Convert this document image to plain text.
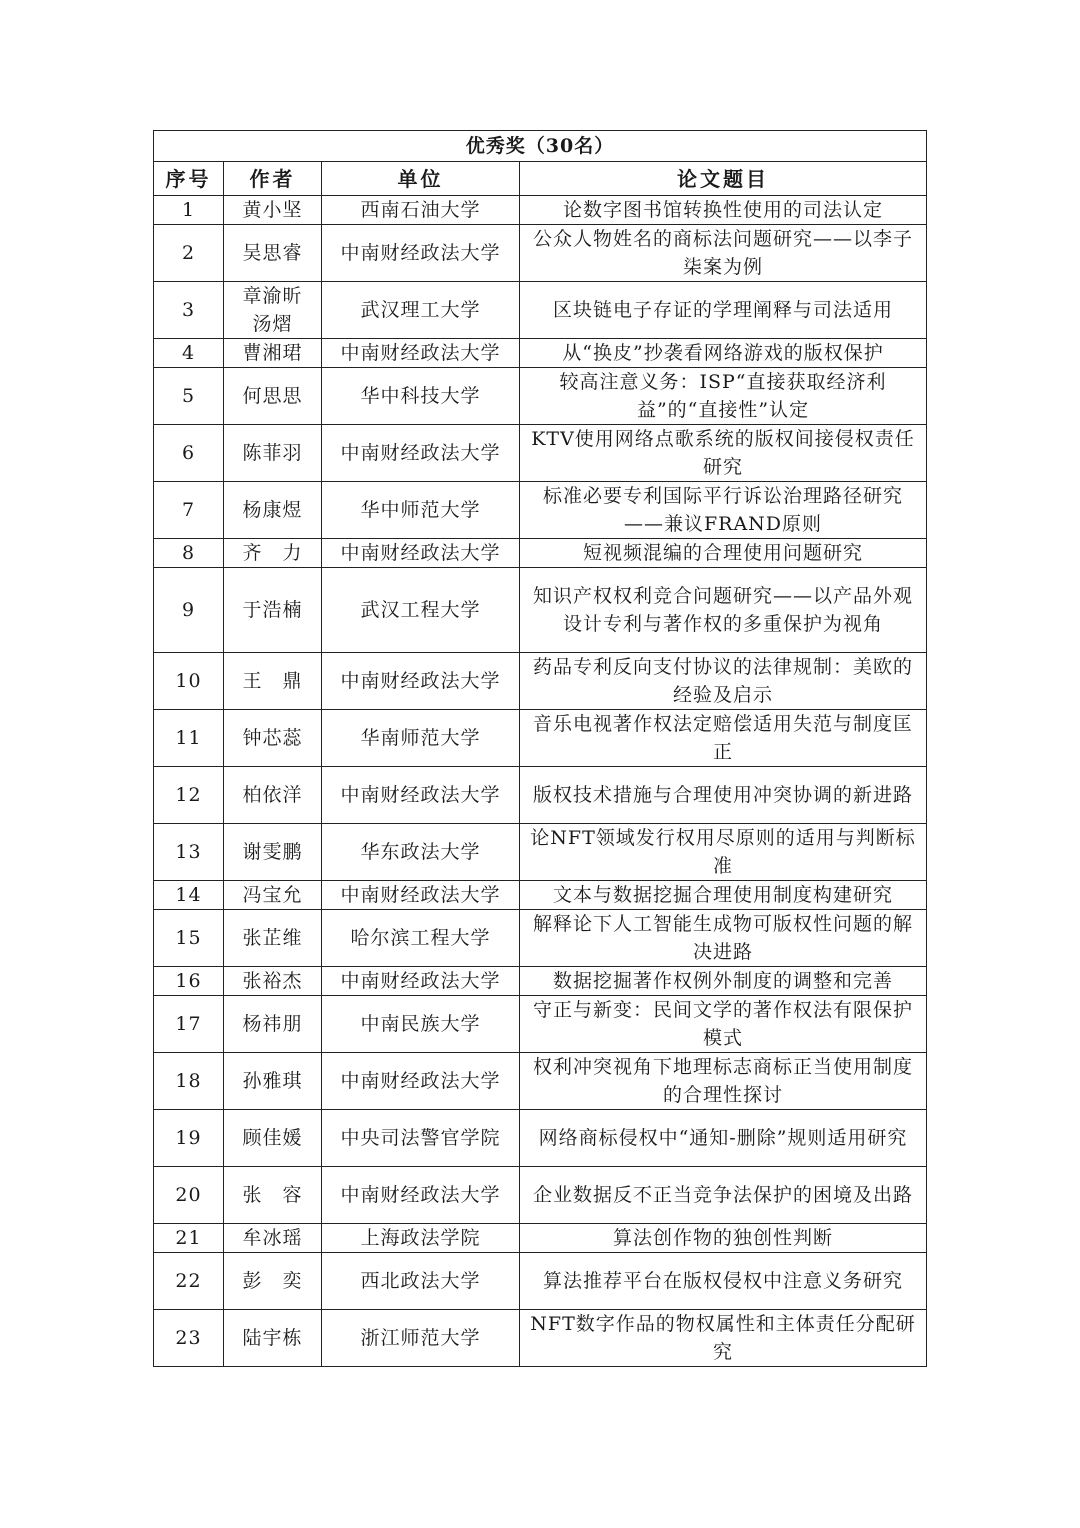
优秀奖（30名）			
序号	作者	单位	论文题目
1	黄小坚	西南石油大学	论数字图书馆转换性使用的司法认定
2	吴思睿	中南财经政法大学	公众人物姓名的商标法问题研究——以李子柒案为例
3	章渝昕 汤熠	武汉理工大学	区块链电子存证的学理阐释与司法适用
4	曹湘珺	中南财经政法大学	从“换皮”抄袭看网络游戏的版权保护
5	何思思	华中科技大学	较高注意义务：ISP“直接获取经济利益”的“直接性”认定
6	陈菲羽	中南财经政法大学	KTV使用网络点歌系统的版权间接侵权责任研究
7	杨康煜	华中师范大学	标准必要专利国际平行诉讼治理路径研究——兼议FRAND原则
8	齐　力	中南财经政法大学	短视频混编的合理使用问题研究
9	于浩楠	武汉工程大学	知识产权权利竞合问题研究——以产品外观设计专利与著作权的多重保护为视角
10	王　鼎	中南财经政法大学	药品专利反向支付协议的法律规制：美欧的经验及启示
11	钟芯蕊	华南师范大学	音乐电视著作权法定赔偿适用失范与制度匡正
12	柏依洋	中南财经政法大学	版权技术措施与合理使用冲突协调的新进路
13	谢雯鹏	华东政法大学	论NFT领域发行权用尽原则的适用与判断标准
14	冯宝允	中南财经政法大学	文本与数据挖掘合理使用制度构建研究
15	张芷维	哈尔滨工程大学	解释论下人工智能生成物可版权性问题的解决进路
16	张裕杰	中南财经政法大学	数据挖掘著作权例外制度的调整和完善
17	杨祎朋	中南民族大学	守正与新变：民间文学的著作权法有限保护模式
18	孙雅琪	中南财经政法大学	权利冲突视角下地理标志商标正当使用制度的合理性探讨
19	顾佳媛	中央司法警官学院	网络商标侵权中“通知-删除”规则适用研究
20	张　容	中南财经政法大学	企业数据反不正当竞争法保护的困境及出路
21	牟冰瑶	上海政法学院	算法创作物的独创性判断
22	彭　奕	西北政法大学	算法推荐平台在版权侵权中注意义务研究
23	陆宇栋	浙江师范大学	NFT数字作品的物权属性和主体责任分配研究
